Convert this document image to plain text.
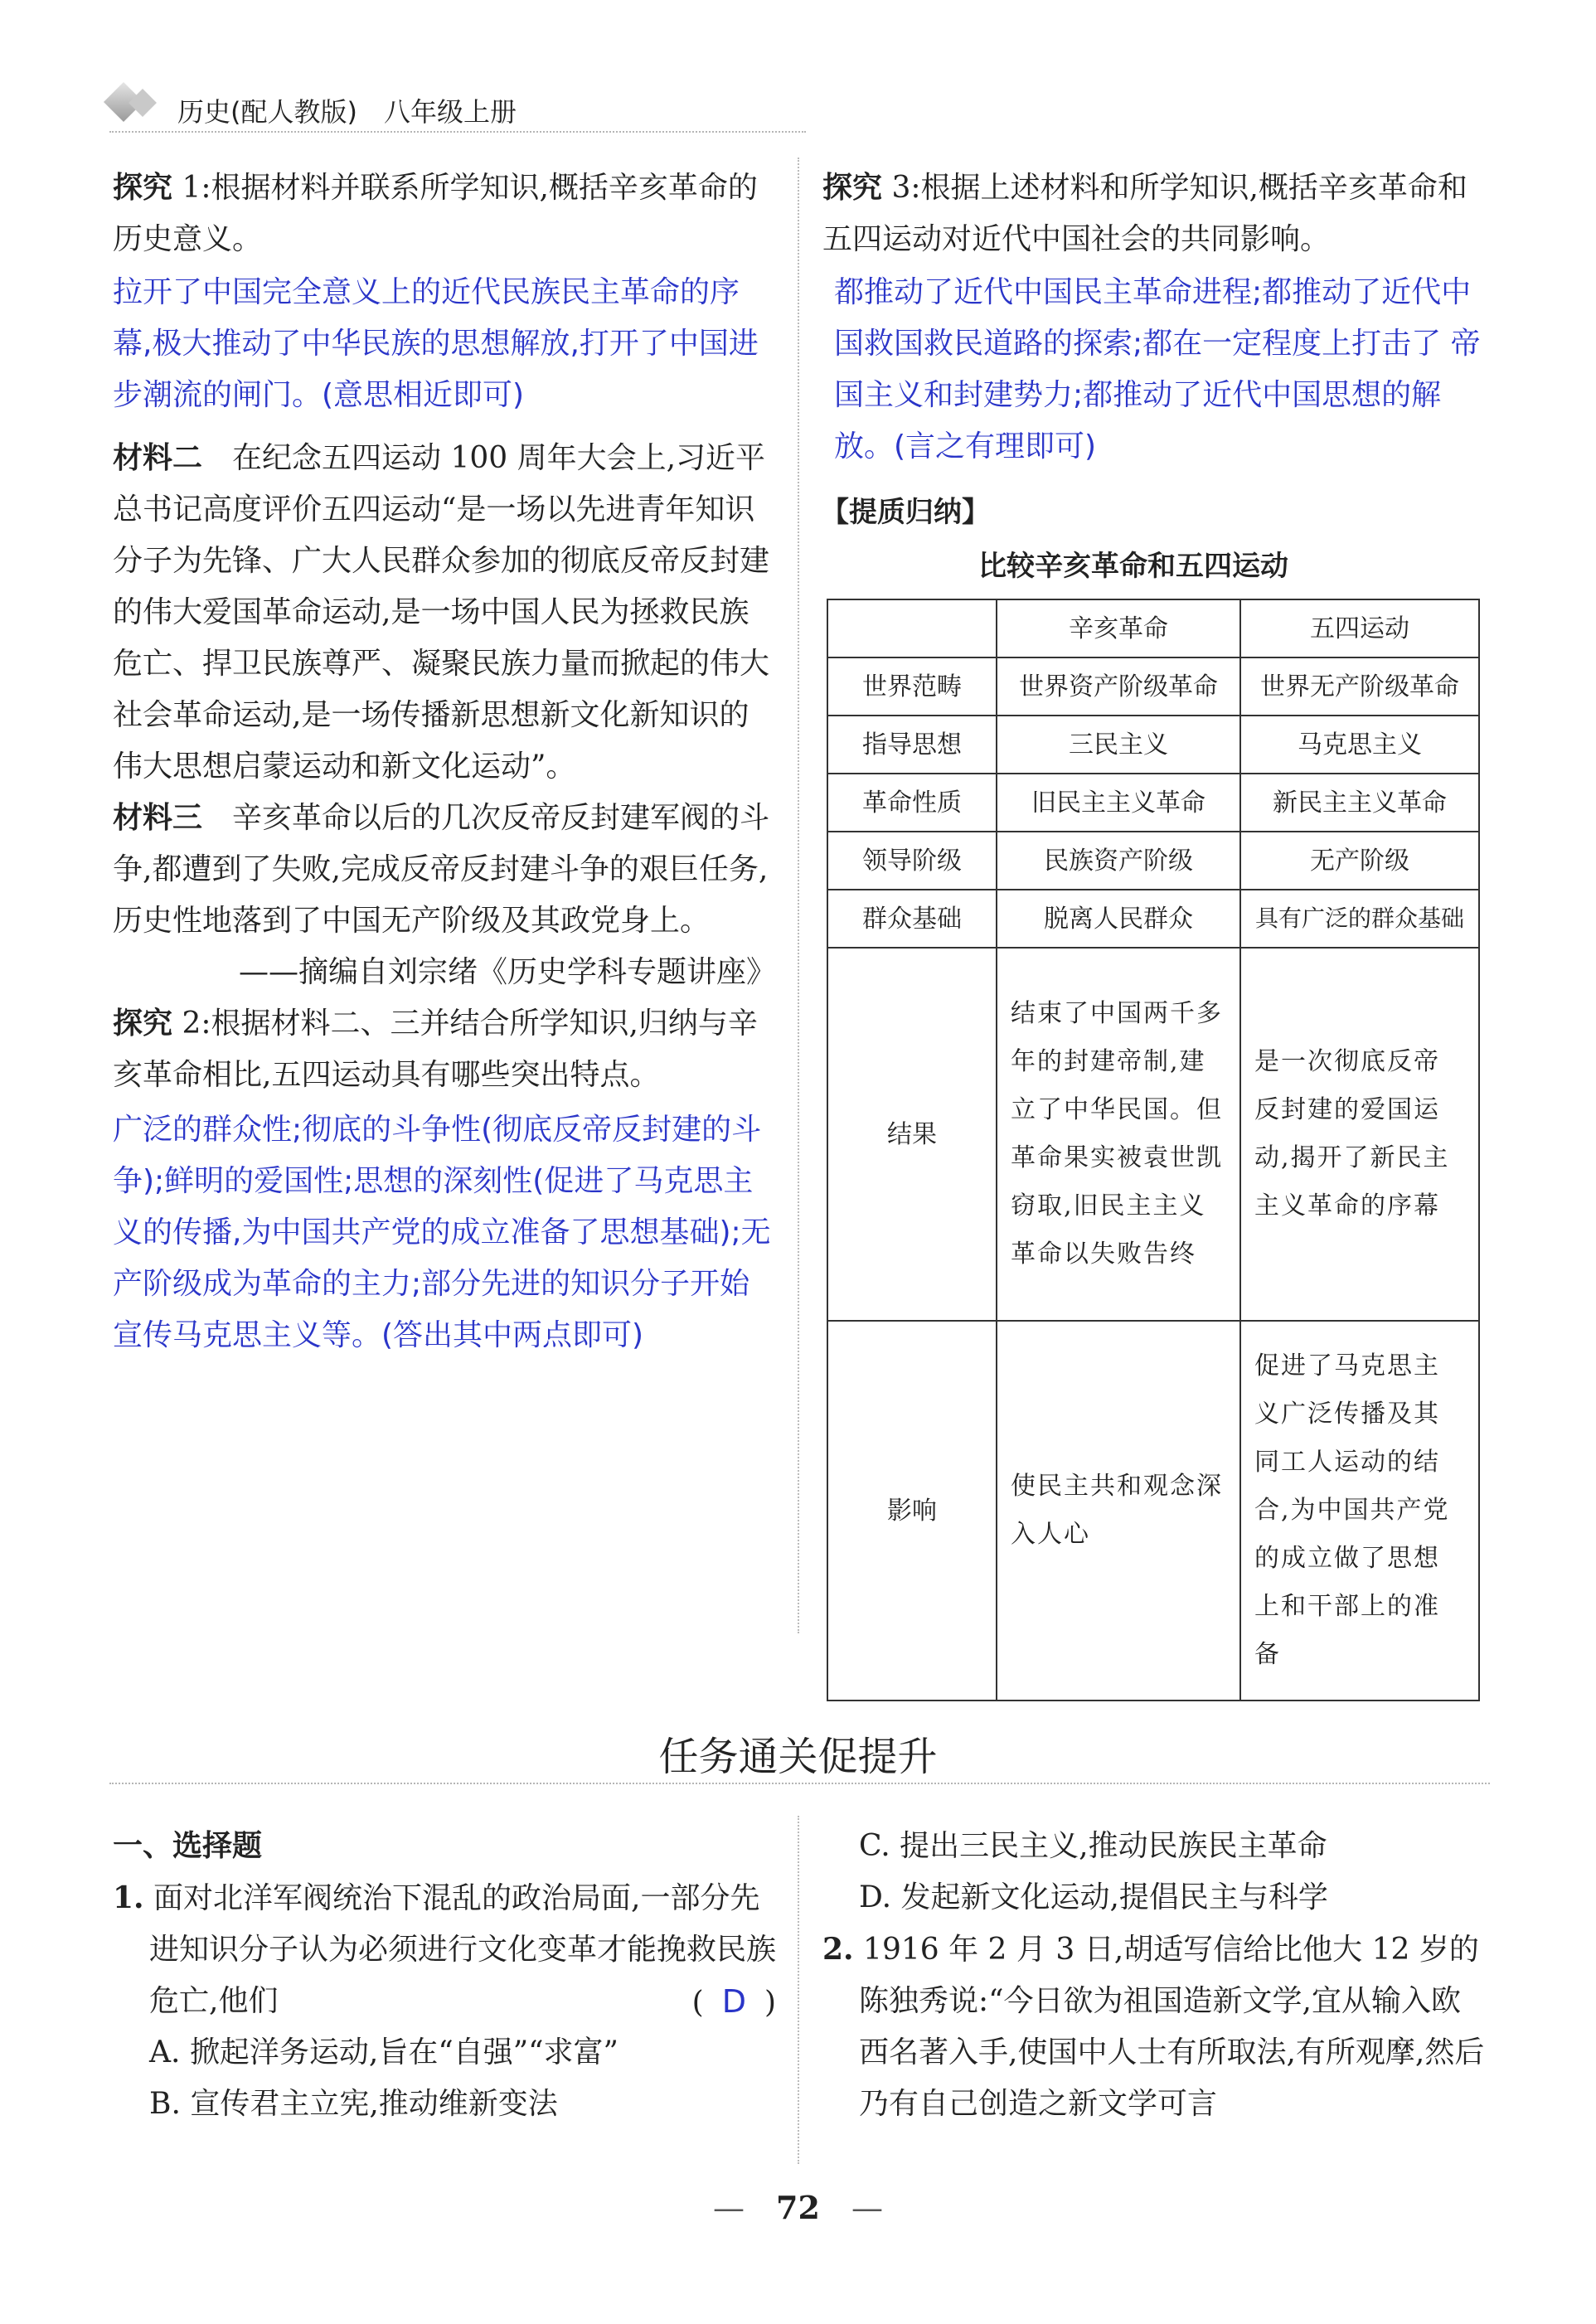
历史(配人教版)　八年级上册

探究 1:根据材料并联系所学知识,概括辛亥革命的历史意义。

拉开了中国完全意义上的近代民族民主革命的序幕,极大推动了中华民族的思想解放,打开了中国进步潮流的闸门。(意思相近即可)

材料二　在纪念五四运动 100 周年大会上,习近平总书记高度评价五四运动“是一场以先进青年知识分子为先锋、广大人民群众参加的彻底反帝反封建的伟大爱国革命运动,是一场中国人民为拯救民族危亡、捍卫民族尊严、凝聚民族力量而掀起的伟大社会革命运动,是一场传播新思想新文化新知识的伟大思想启蒙运动和新文化运动”。

材料三　辛亥革命以后的几次反帝反封建军阀的斗争,都遭到了失败,完成反帝反封建斗争的艰巨任务,历史性地落到了中国无产阶级及其政党身上。

——摘编自刘宗绪《历史学科专题讲座》

探究 2:根据材料二、三并结合所学知识,归纳与辛亥革命相比,五四运动具有哪些突出特点。

广泛的群众性;彻底的斗争性(彻底反帝反封建的斗争);鲜明的爱国性;思想的深刻性(促进了马克思主义的传播,为中国共产党的成立准备了思想基础);无产阶级成为革命的主力;部分先进的知识分子开始宣传马克思主义等。(答出其中两点即可)

探究 3:根据上述材料和所学知识,概括辛亥革命和五四运动对近代中国社会的共同影响。

都推动了近代中国民主革命进程;都推动了近代中国救国救民道路的探索;都在一定程度上打击了 帝国主义和封建势力;都推动了近代中国思想的解 放。(言之有理即可)

【提质归纳】
比较辛亥革命和五四运动
	辛亥革命	五四运动
世界范畴	世界资产阶级革命	世界无产阶级革命
指导思想	三民主义	马克思主义
革命性质	旧民主主义革命	新民主主义革命
领导阶级	民族资产阶级	无产阶级
群众基础	脱离人民群众	具有广泛的群众基础
结果	结束了中国两千多年的封建帝制,建立了中华民国。但革命果实被袁世凯窃取,旧民主主义革命以失败告终	是一次彻底反帝反封建的爱国运动,揭开了新民主主义革命的序幕
影响	使民主共和观念深入人心	促进了马克思主义广泛传播及其同工人运动的结合,为中国共产党的成立做了思想上和干部上的准备
任务通关促提升

一、选择题

1. 面对北洋军阀统治下混乱的政治局面,一部分先进知识分子认为必须进行文化变革才能挽救民族危亡,他们	( D )

A. 掀起洋务运动,旨在“自强”“求富”

B. 宣传君主立宪,推动维新变法

C. 提出三民主义,推动民族民主革命

D. 发起新文化运动,提倡民主与科学

2. 1916 年 2 月 3 日,胡适写信给比他大 12 岁的陈独秀说:“今日欲为祖国造新文学,宜从输入欧西名著入手,使国中人士有所取法,有所观摩,然后乃有自己创造之新文学可言

—　72　—
